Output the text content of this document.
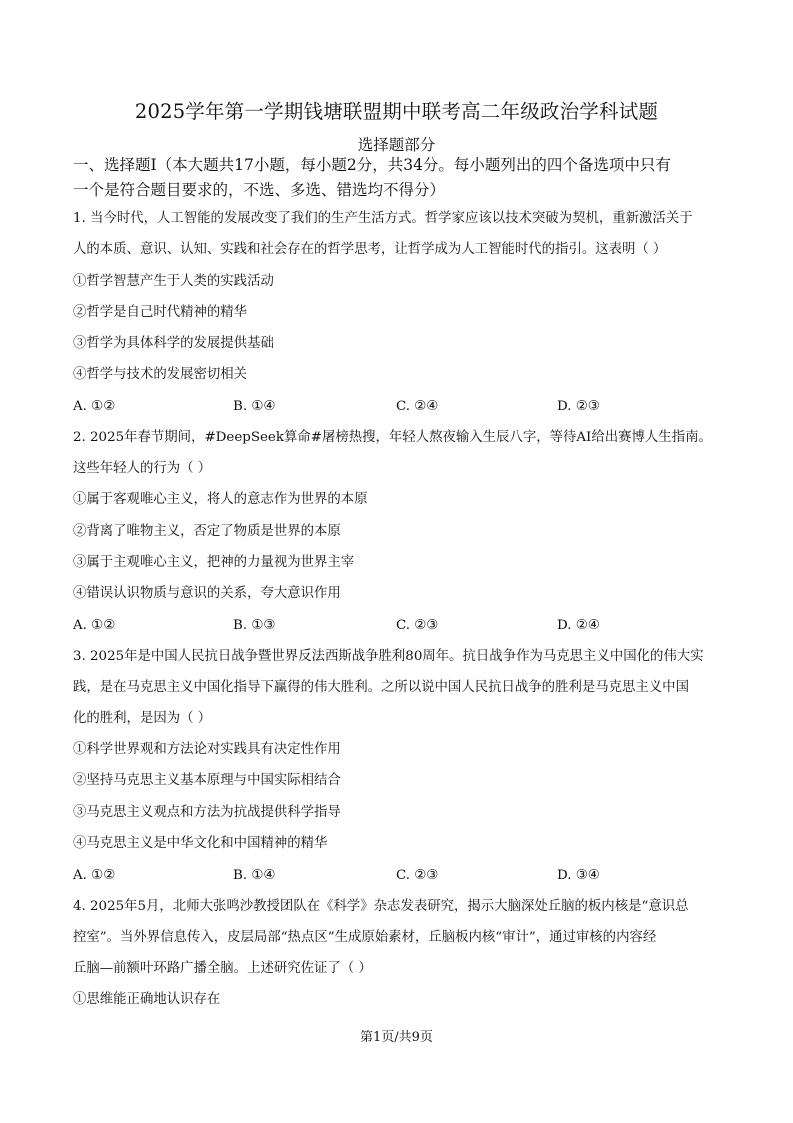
2025学年第一学期钱塘联盟期中联考高二年级政治学科试题
选择题部分
一、选择题Ⅰ（本大题共17小题，每小题2分，共34分。每小题列出的四个备选项中只有
一个是符合题目要求的，不选、多选、错选均不得分）
1. 当今时代，人工智能的发展改变了我们的生产生活方式。哲学家应该以技术突破为契机，重新激活关于
人的本质、意识、认知、实践和社会存在的哲学思考，让哲学成为人工智能时代的指引。这表明（ ）
①哲学智慧产生于人类的实践活动
②哲学是自己时代精神的精华
③哲学为具体科学的发展提供基础
④哲学与技术的发展密切相关
A. ①②	B. ①④	C. ②④	D. ②③
2. 2025年春节期间，#DeepSeek算命#屠榜热搜，年轻人熬夜输入生辰八字，等待AI给出赛博人生指南。
这些年轻人的行为（ ）
①属于客观唯心主义，将人的意志作为世界的本原
②背离了唯物主义，否定了物质是世界的本原
③属于主观唯心主义，把神的力量视为世界主宰
④错误认识物质与意识的关系，夸大意识作用
A. ①②	B. ①③	C. ②③	D. ②④
3. 2025年是中国人民抗日战争暨世界反法西斯战争胜利80周年。抗日战争作为马克思主义中国化的伟大实
践，是在马克思主义中国化指导下赢得的伟大胜利。之所以说中国人民抗日战争的胜利是马克思主义中国
化的胜利，是因为（ ）
①科学世界观和方法论对实践具有决定性作用
②坚持马克思主义基本原理与中国实际相结合
③马克思主义观点和方法为抗战提供科学指导
④马克思主义是中华文化和中国精神的精华
A. ①②	B. ①④	C. ②③	D. ③④
4. 2025年5月，北师大张鸣沙教授团队在《科学》杂志发表研究，揭示大脑深处丘脑的板内核是“意识总
控室”。当外界信息传入，皮层局部“热点区”生成原始素材，丘脑板内核“审计”，通过审核的内容经
丘脑—前额叶环路广播全脑。上述研究佐证了（ ）
①思维能正确地认识存在
第1页/共9页
